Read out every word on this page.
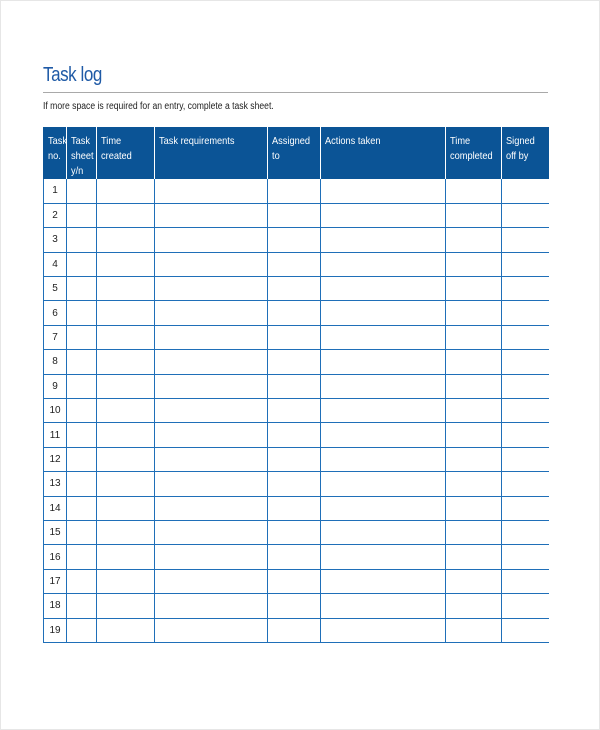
Task log
If more space is required for an entry, complete a task sheet.
Task no.	Task sheet y/n	Time created	Task requirements	Assigned to	Actions taken	Time completed	Signed off by
1							
2							
3							
4							
5							
6							
7							
8							
9							
10							
11							
12							
13							
14							
15							
16							
17							
18							
19							
